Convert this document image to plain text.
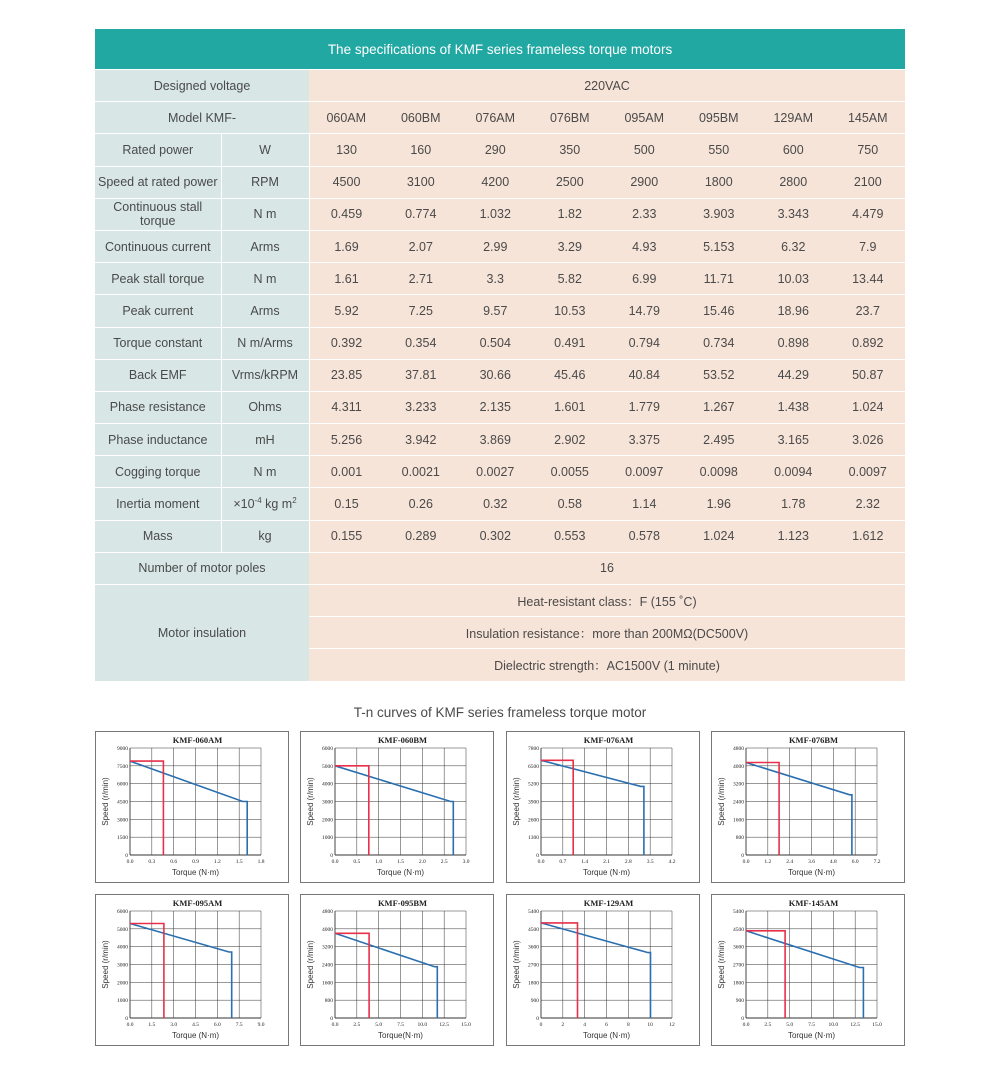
The specifications of KMF series frameless torque motors									
Designed voltage		220VAC							
Model KMF-		060AM	060BM	076AM	076BM	095AM	095BM	129AM	145AM
Rated power	W	130	160	290	350	500	550	600	750
Speed at rated power	RPM	4500	3100	4200	2500	2900	1800	2800	2100
Continuous stall torque	N m	0.459	0.774	1.032	1.82	2.33	3.903	3.343	4.479
Continuous current	Arms	1.69	2.07	2.99	3.29	4.93	5.153	6.32	7.9
Peak stall torque	N m	1.61	2.71	3.3	5.82	6.99	11.71	10.03	13.44
Peak current	Arms	5.92	7.25	9.57	10.53	14.79	15.46	18.96	23.7
Torque constant	N m/Arms	0.392	0.354	0.504	0.491	0.794	0.734	0.898	0.892
Back EMF	Vrms/kRPM	23.85	37.81	30.66	45.46	40.84	53.52	44.29	50.87
Phase resistance	Ohms	4.311	3.233	2.135	1.601	1.779	1.267	1.438	1.024
Phase inductance	mH	5.256	3.942	3.869	2.902	3.375	2.495	3.165	3.026
Cogging torque	N m	0.001	0.0021	0.0027	0.0055	0.0097	0.0098	0.0094	0.0097
Inertia moment	$\times 10^{-4}$ kg $m^2$	0.15	0.26	0.32	0.58	1.14	1.96	1.78	2.32
Mass	kg	0.155	0.289	0.302	0.553	0.578	1.024	1.123	1.612
Number of motor poles		16							
Motor insulation		Heat-resistant class：F (155 ˚C)							
		Insulation resistance：more than 200MΩ(DC500V)							
		Dielectric strength：AC1500V (1 minute)							
T-n curves of KMF series frameless torque motor
KMF-060AM
0.0	0.3	0.6	0.9	1.2	1.5	1.8
0
1500
3000
4500
6000
7500
9000
Torque (N·m)
Speed (r/min)
KMF-060BM
0.0	0.5	1.0	1.5	2.0	2.5	3.0
0
1000
2000
3000
4000
5000
6000
Torque (N·m)
Speed (r/min)
KMF-076AM
0.0	0.7	1.4	2.1	2.8	3.5	4.2
0
1300
2600
3900
5200
6500
7800
Torque (N·m)
Speed (r/min)
KMF-076BM
0.0	1.2	2.4	3.6	4.8	6.0	7.2
0
800
1600
2400
3200
4000
4800
Torque (N·m)
Speed (r/min)
KMF-095AM
0.0	1.5	3.0	4.5	6.0	7.5	9.0
0
1000
2000
3000
4000
5000
6000
Torque (N·m)
Speed (r/min)
KMF-095BM
0.0	2.5	5.0	7.5 10.0 12.5 15.0
0
800
1600
2400
3200
4000
4800
Torque(N·m)
Speed (r/min)
KMF-129AM
0	2	4	6	8	10	12
0
900
1800
2700
3600
4500
5400
Torque (N·m)
Speed (r/min)
KMF-145AM
0.0	2.5	5.0	7.5 10.0 12.5 15.0
0
900
1800
2700
3600
4500
5400
Torque (N·m)
Speed (r/min)
